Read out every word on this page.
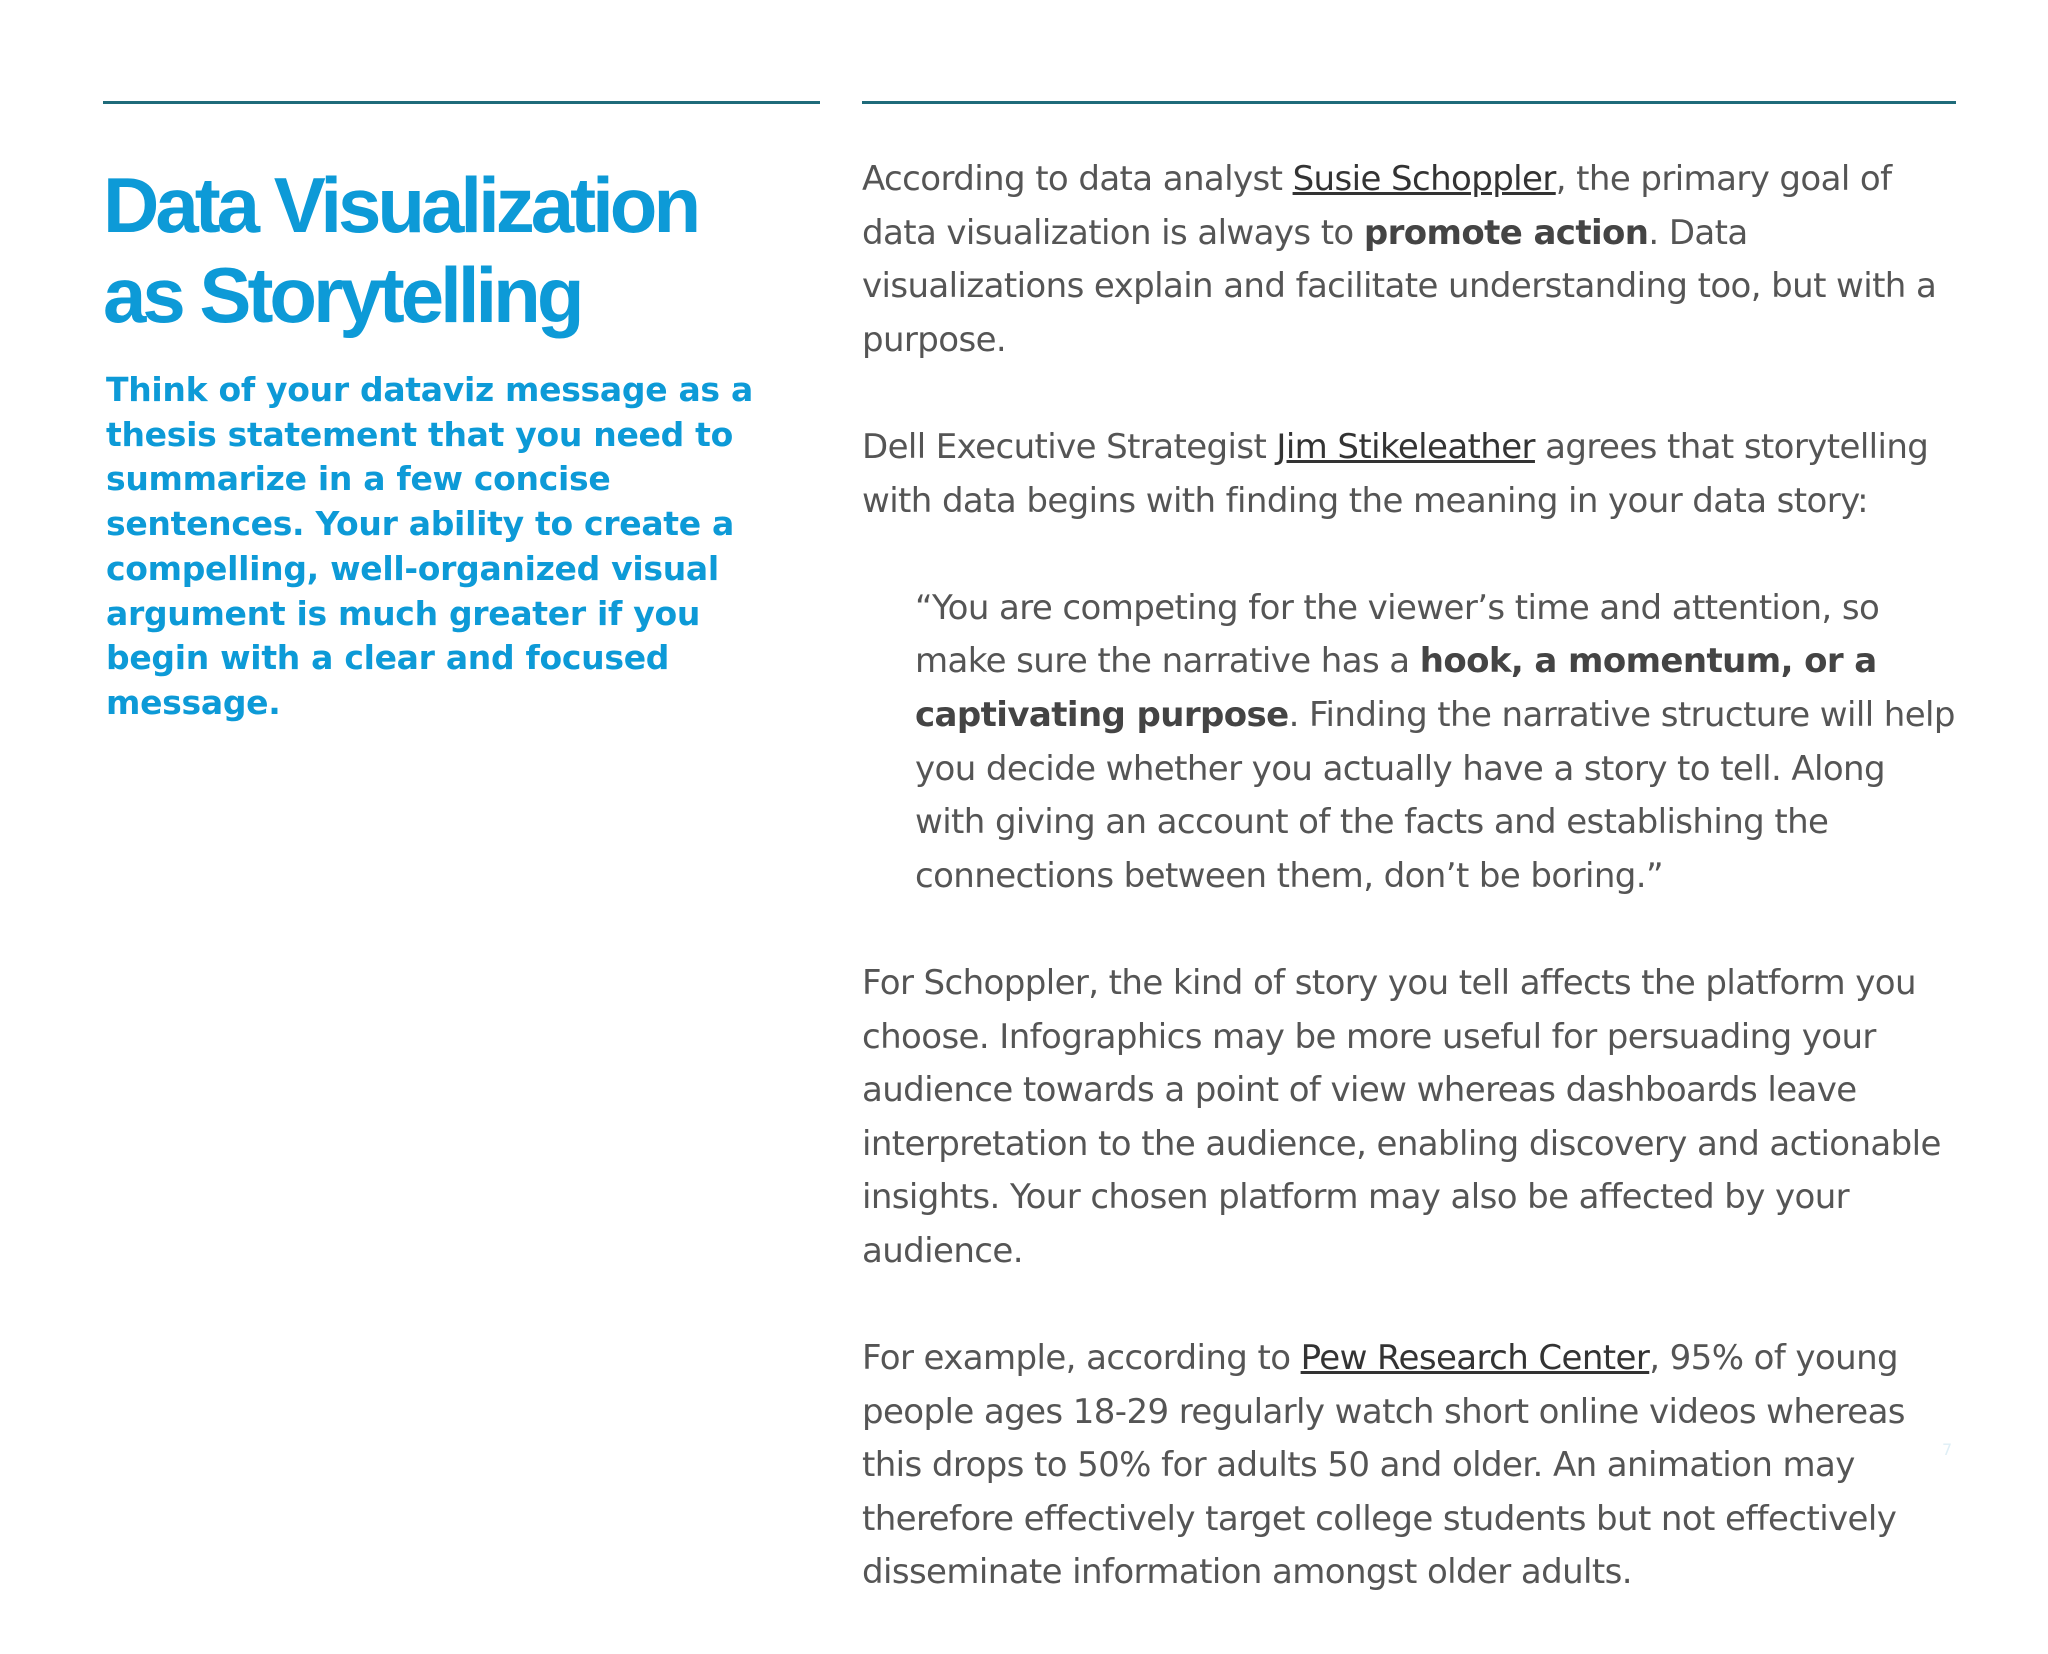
Data Visualization
as Storytelling
Think of your dataviz message as a thesis statement that you need to summarize in a few concise sentences. Your ability to create a compelling, well-organized visual argument is much greater if you begin with a clear and focused message.

According to data analyst Susie Schoppler, the primary goal of data visualization is always to promote action. Data visualizations explain and facilitate understanding too, but with a purpose.

Dell Executive Strategist Jim Stikeleather agrees that storytelling with data begins with finding the meaning in your data story:

“You are competing for the viewer’s time and attention, so make sure the narrative has a hook, a momentum, or a captivating purpose. Finding the narrative structure will help you decide whether you actually have a story to tell. Along with giving an account of the facts and establishing the connections between them, don’t be boring.”

For Schoppler, the kind of story you tell affects the platform you choose. Infographics may be more useful for persuading your audience towards a point of view whereas dashboards leave interpretation to the audience, enabling discovery and actionable insights. Your chosen platform may also be affected by your audience.

For example, according to Pew Research Center, 95% of young people ages 18-29 regularly watch short online videos whereas this drops to 50% for adults 50 and older. An animation may therefore effectively target college students but not effectively disseminate information amongst older adults.

7
